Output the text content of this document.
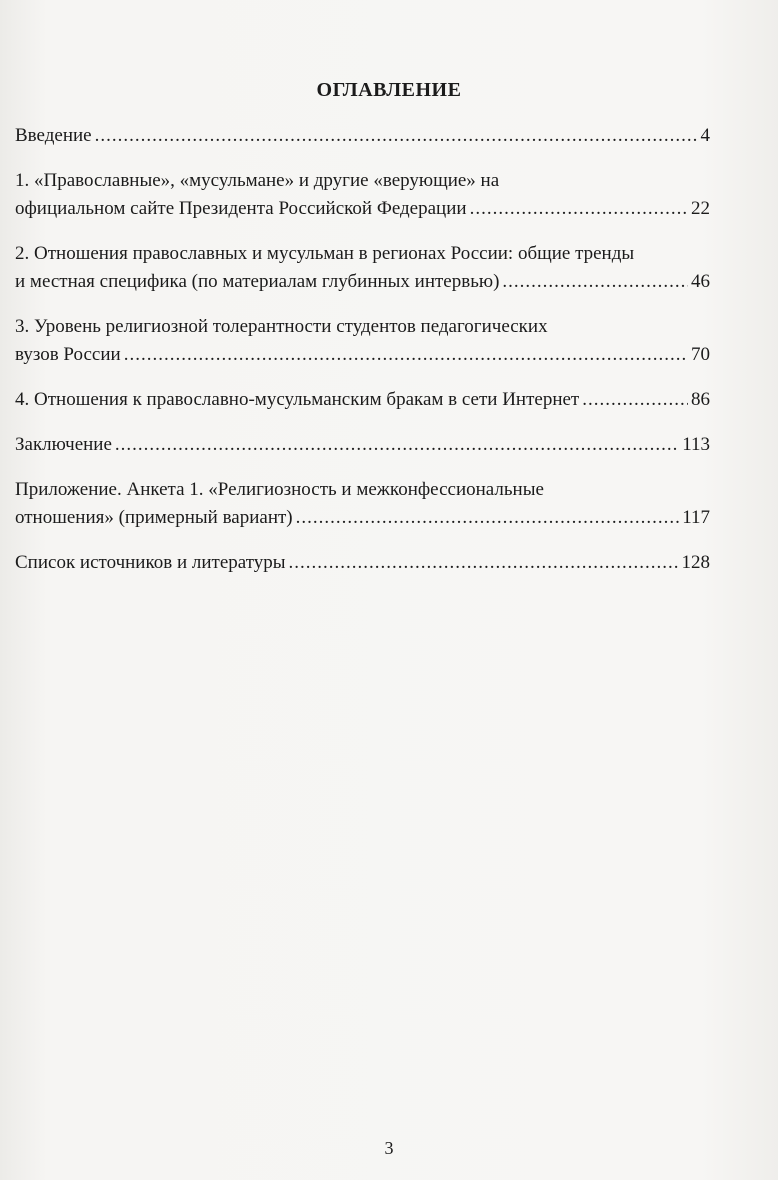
ОГЛАВЛЕНИЕ
Введение .....	4
1. «Православные», «мусульмане» и другие «верующие» на
официальном сайте Президента Российской Федерации .....	22
2. Отношения православных и мусульман в регионах России: общие тренды
и местная специфика (по материалам глубинных интервью) .....	46
3. Уровень религиозной толерантности студентов педагогических
вузов России .....	70
4. Отношения к православно-мусульманским бракам в сети Интернет .....	86
Заключение .....	113
Приложение. Анкета 1. «Религиозность и межконфессиональные
отношения» (примерный вариант) .....	117
Список источников и литературы .....	128
3
